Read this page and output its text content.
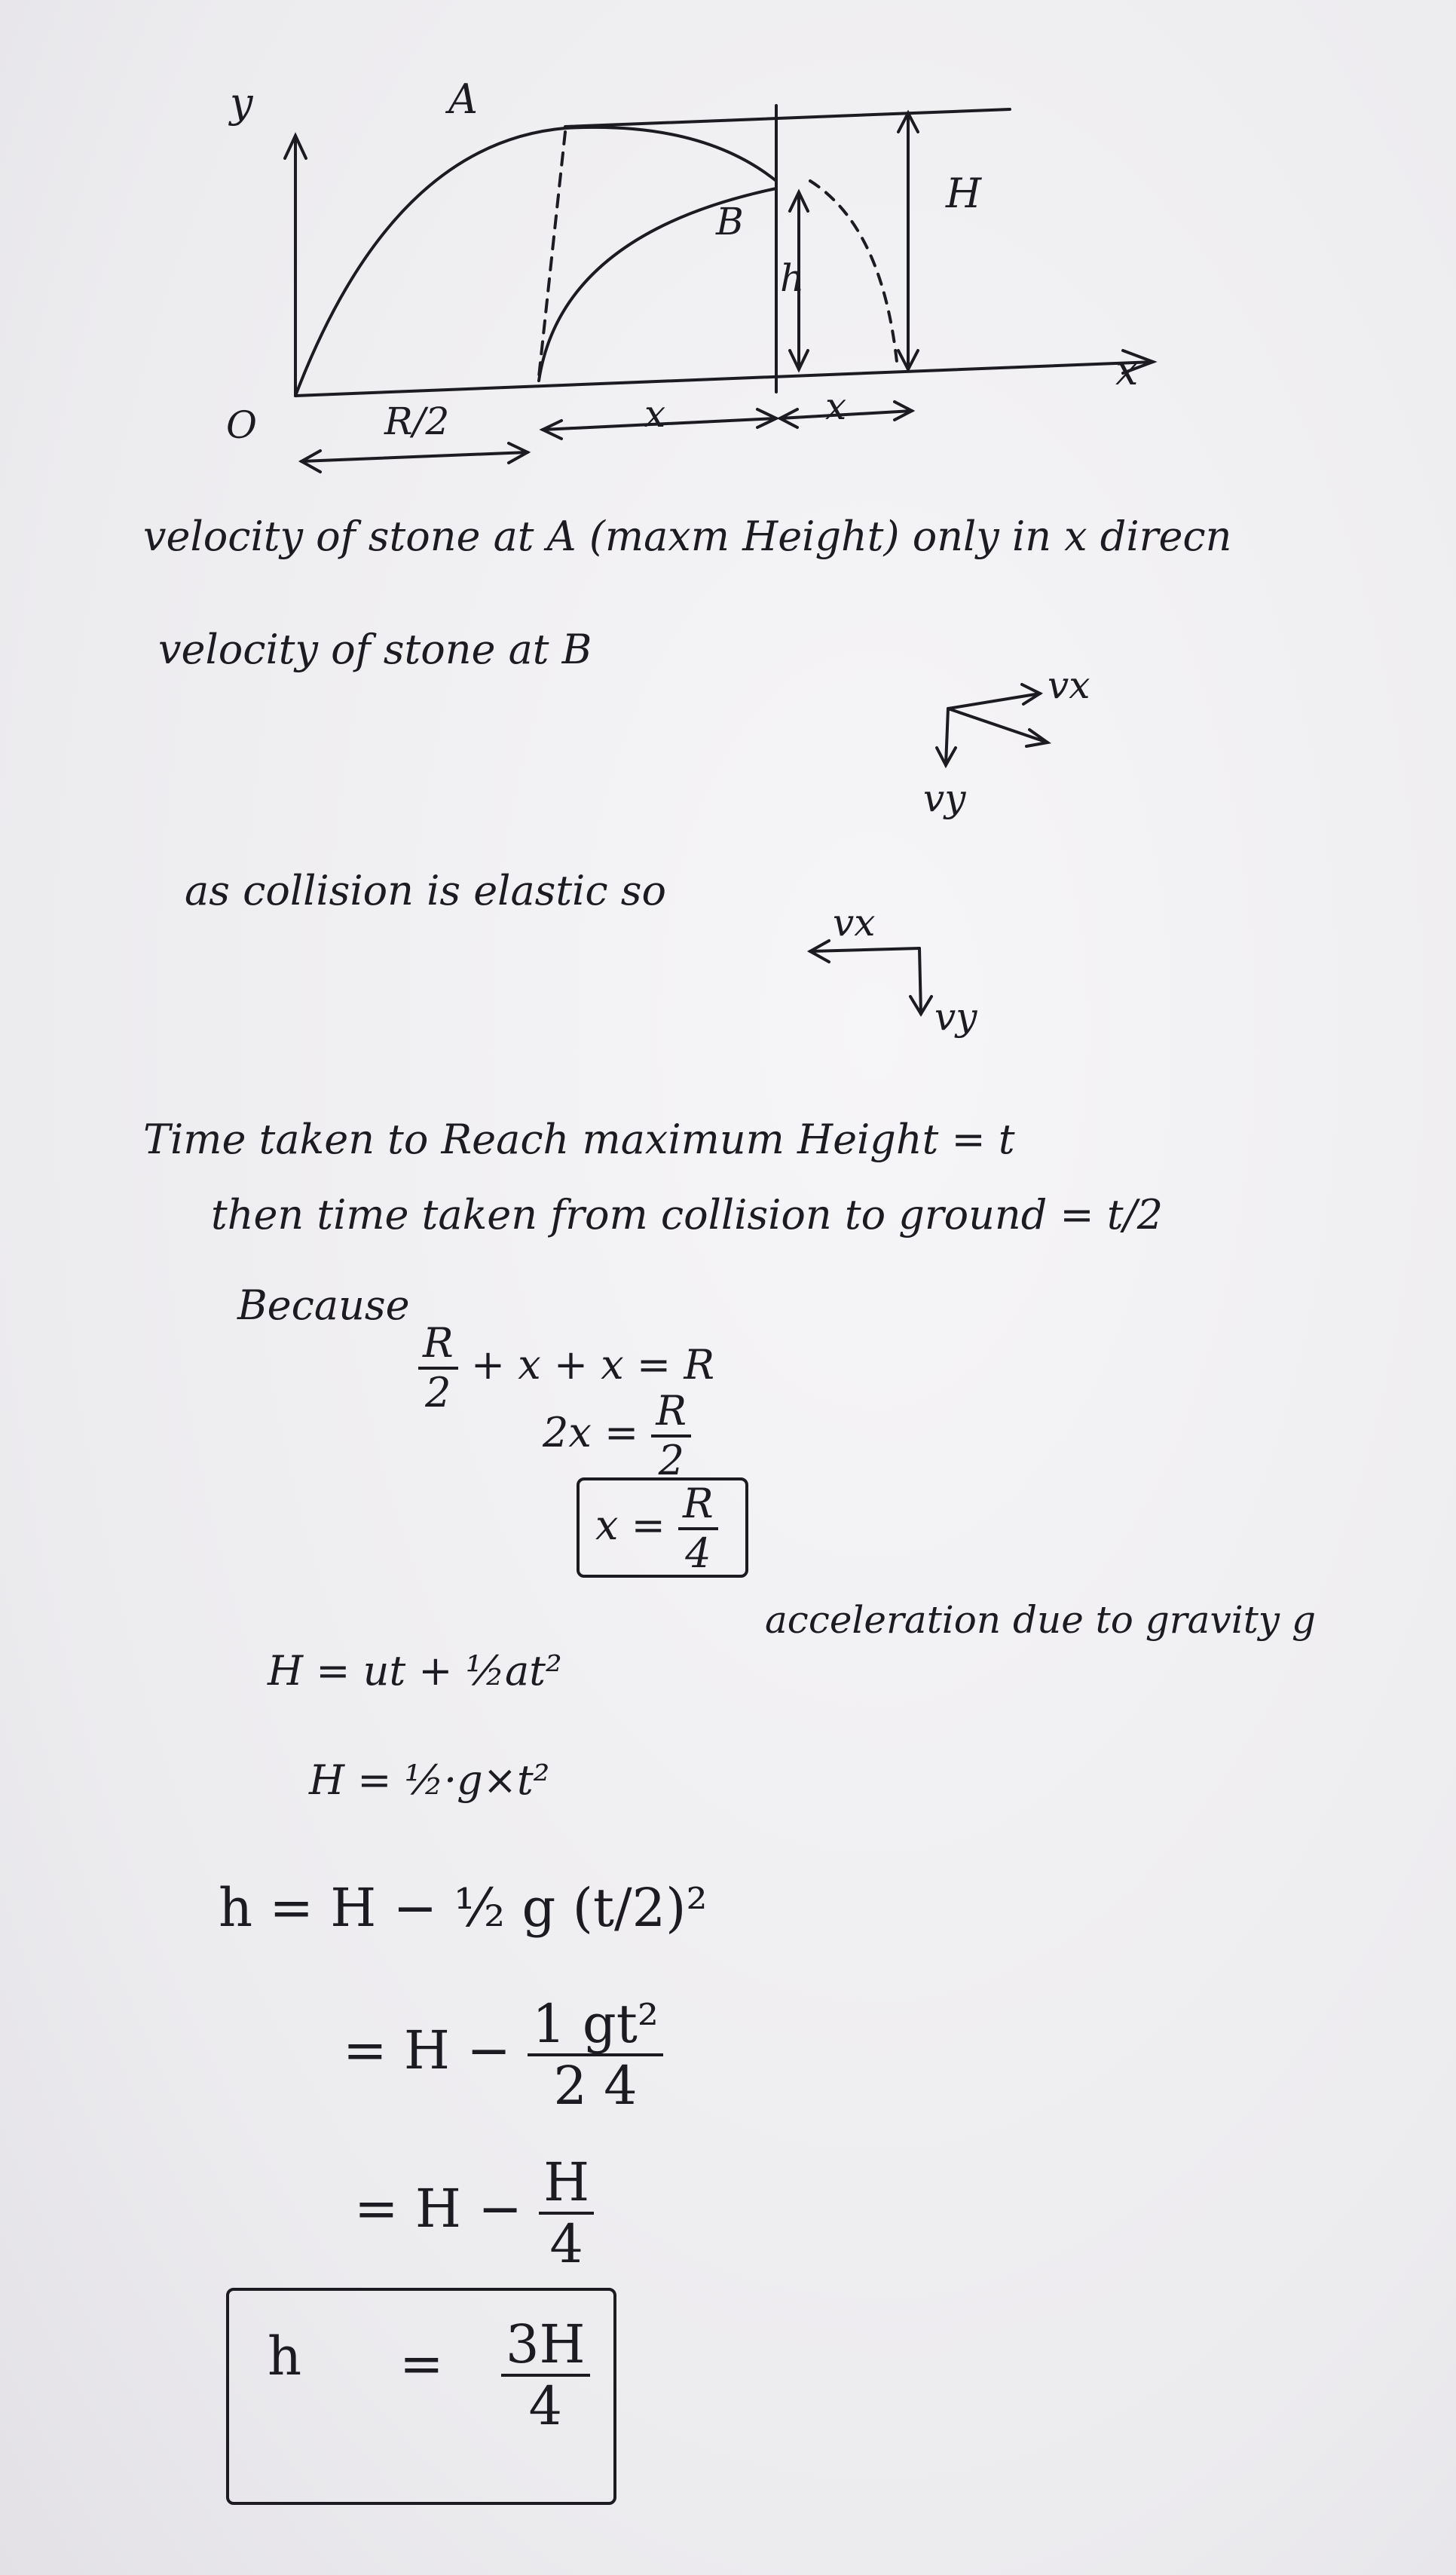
y
x
O
A
B
H
h
R/2	x	x
velocity of stone at A (maxm Height) only in x direcn
velocity of stone at B
vx
vy
as collision is elastic so
vx
vy
Time taken to Reach maximum Height = t
then time taken from collision to ground = t/2
Because
$\frac{R}{2} + x + x = R$
$2x = \frac{R}{2}$
$x = \frac{R}{4}$
H = ut + ½at²
acceleration due to gravity g
H = ½·g×t²
h = H − ½ g (t/2)²
= $H - \frac{\text{1 gt²}}{2 4}$
= $H - \frac{H}{4}$
$h = \frac{3H}{4}$
